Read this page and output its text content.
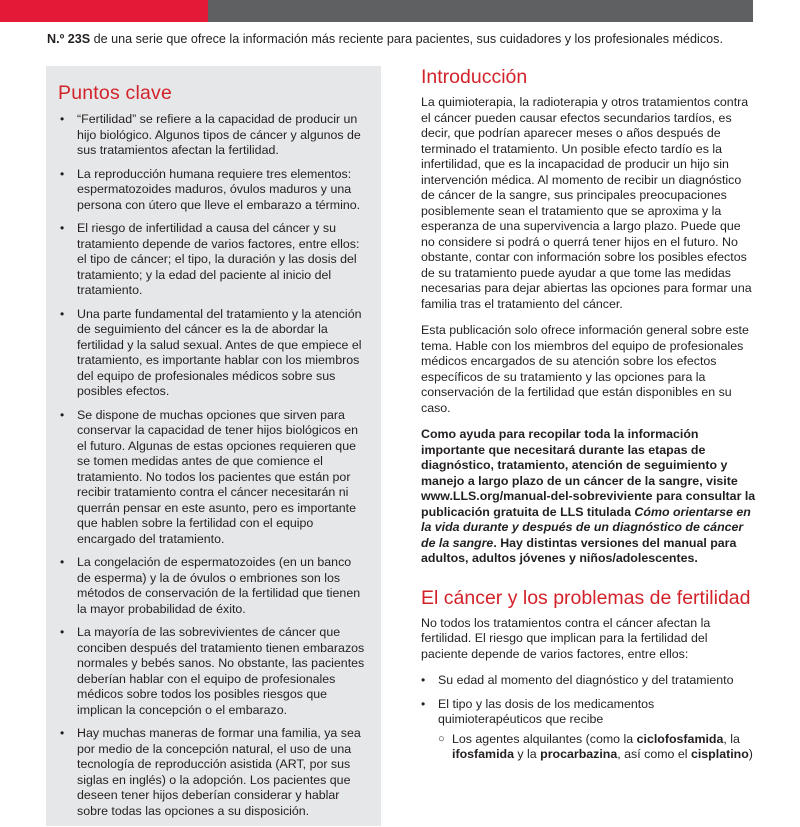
N.º 23S de una serie que ofrece la información más reciente para pacientes, sus cuidadores y los profesionales médicos.
Puntos clave
• “Fertilidad” se refiere a la capacidad de producir un hijo biológico. Algunos tipos de cáncer y algunos de sus tratamientos afectan la fertilidad.
• La reproducción humana requiere tres elementos: espermatozoides maduros, óvulos maduros y una persona con útero que lleve el embarazo a término.
• El riesgo de infertilidad a causa del cáncer y su tratamiento depende de varios factores, entre ellos: el tipo de cáncer; el tipo, la duración y las dosis del tratamiento; y la edad del paciente al inicio del tratamiento.
• Una parte fundamental del tratamiento y la atención de seguimiento del cáncer es la de abordar la fertilidad y la salud sexual. Antes de que empiece el tratamiento, es importante hablar con los miembros del equipo de profesionales médicos sobre sus posibles efectos.
• Se dispone de muchas opciones que sirven para conservar la capacidad de tener hijos biológicos en el futuro. Algunas de estas opciones requieren que se tomen medidas antes de que comience el tratamiento. No todos los pacientes que están por recibir tratamiento contra el cáncer necesitarán ni querrán pensar en este asunto, pero es importante que hablen sobre la fertilidad con el equipo encargado del tratamiento.
• La congelación de espermatozoides (en un banco de esperma) y la de óvulos o embriones son los métodos de conservación de la fertilidad que tienen la mayor probabilidad de éxito.
• La mayoría de las sobrevivientes de cáncer que conciben después del tratamiento tienen embarazos normales y bebés sanos. No obstante, las pacientes deberían hablar con el equipo de profesionales médicos sobre todos los posibles riesgos que implican la concepción o el embarazo.
• Hay muchas maneras de formar una familia, ya sea por medio de la concepción natural, el uso de una tecnología de reproducción asistida (ART, por sus siglas en inglés) o la adopción. Los pacientes que deseen tener hijos deberían considerar y hablar sobre todas las opciones a su disposición.
Introducción

La quimioterapia, la radioterapia y otros tratamientos contra el cáncer pueden causar efectos secundarios tardíos, es decir, que podrían aparecer meses o años después de terminado el tratamiento. Un posible efecto tardío es la infertilidad, que es la incapacidad de producir un hijo sin intervención médica. Al momento de recibir un diagnóstico de cáncer de la sangre, sus principales preocupaciones posiblemente sean el tratamiento que se aproxima y la esperanza de una supervivencia a largo plazo. Puede que no considere si podrá o querrá tener hijos en el futuro. No obstante, contar con información sobre los posibles efectos de su tratamiento puede ayudar a que tome las medidas necesarias para dejar abiertas las opciones para formar una familia tras el tratamiento del cáncer.

Esta publicación solo ofrece información general sobre este tema. Hable con los miembros del equipo de profesionales médicos encargados de su atención sobre los efectos específicos de su tratamiento y las opciones para la conservación de la fertilidad que están disponibles en su caso.

Como ayuda para recopilar toda la información importante que necesitará durante las etapas de diagnóstico, tratamiento, atención de seguimiento y manejo a largo plazo de un cáncer de la sangre, visite www.LLS.org/manual-del-sobreviviente para consultar la publicación gratuita de LLS titulada Cómo orientarse en la vida durante y después de un diagnóstico de cáncer de la sangre. Hay distintas versiones del manual para adultos, adultos jóvenes y niños/adolescentes.

El cáncer y los problemas de fertilidad

No todos los tratamientos contra el cáncer afectan la fertilidad. El riesgo que implican para la fertilidad del paciente depende de varios factores, entre ellos:

• Su edad al momento del diagnóstico y del tratamiento
• El tipo y las dosis de los medicamentos quimioterapéuticos que recibe
○ Los agentes alquilantes (como la ciclofosfamida, la ifosfamida y la procarbazina, así como el cisplatino)
